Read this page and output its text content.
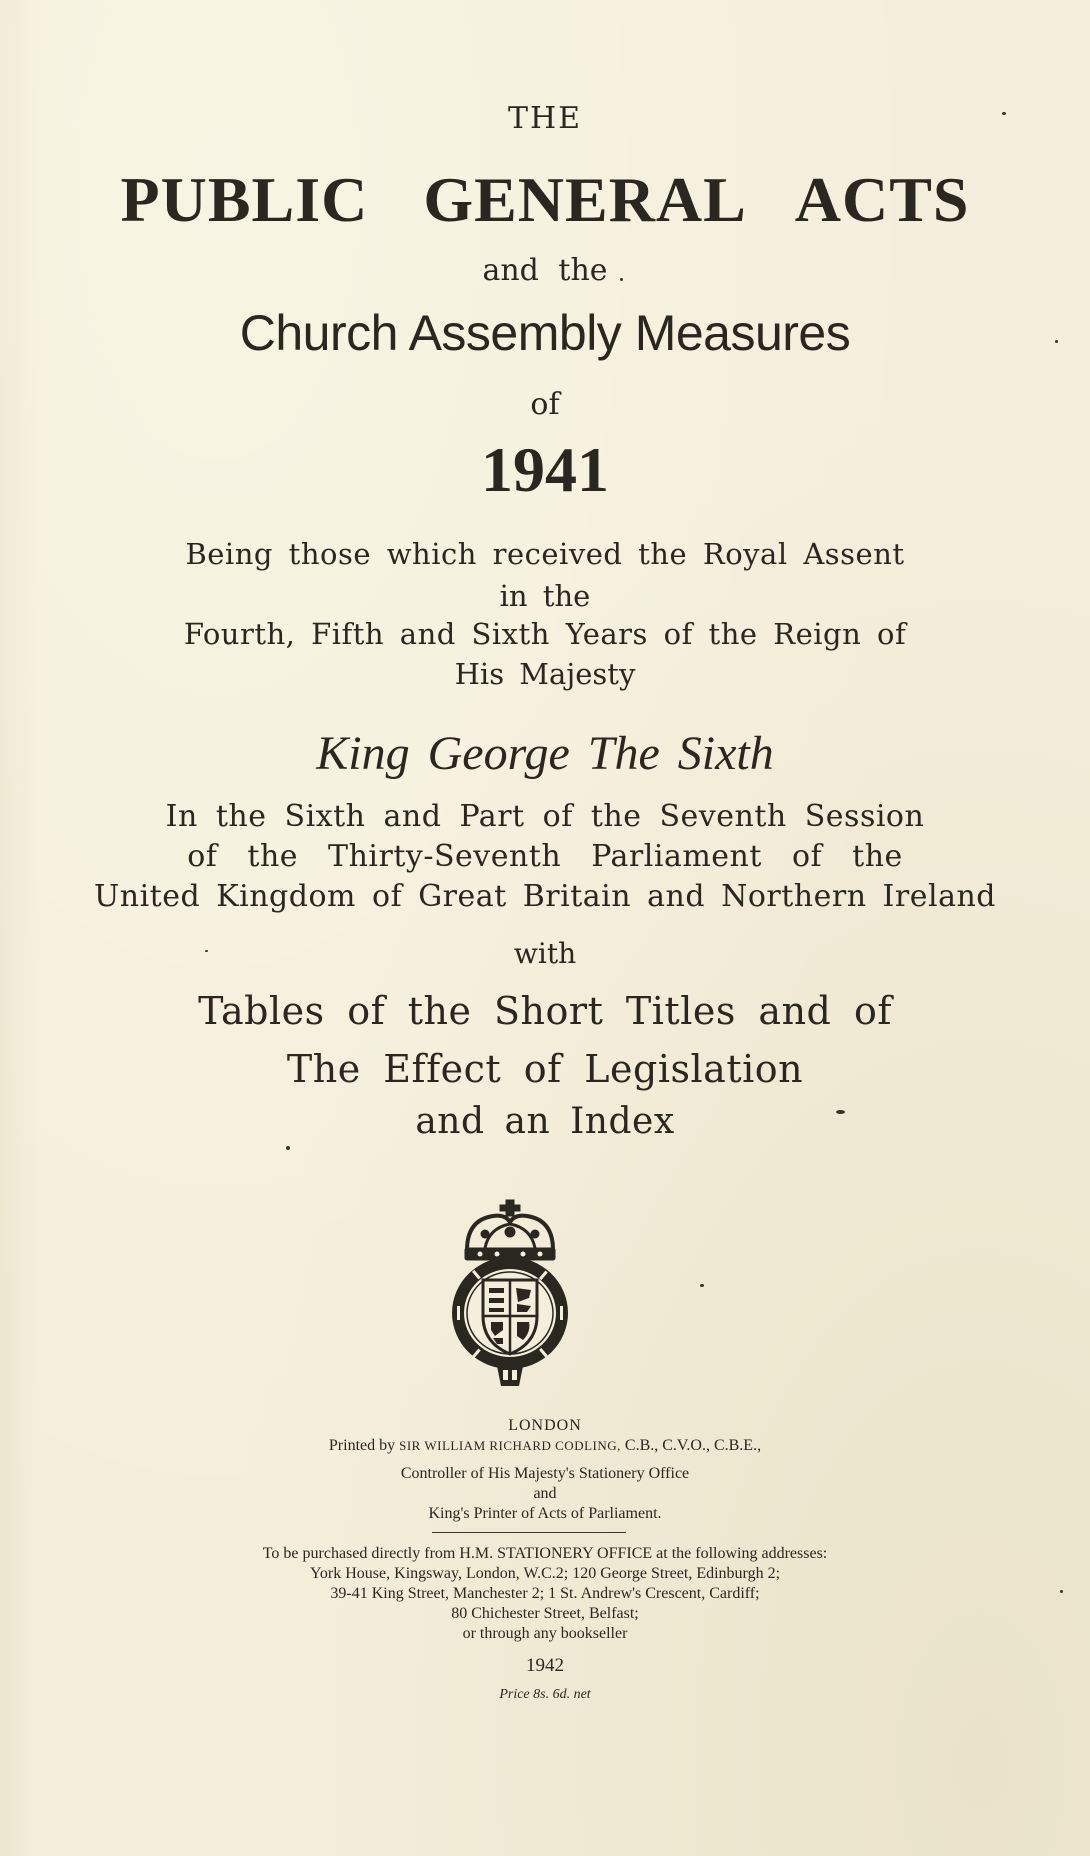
THE
PUBLIC GENERAL ACTS
and the
Church Assembly Measures
of
1941
Being those which received the Royal Assent
in the
Fourth, Fifth and Sixth Years of the Reign of
His Majesty
King George The Sixth
In the Sixth and Part of the Seventh Session
of the Thirty-Seventh Parliament of the
United Kingdom of Great Britain and Northern Ireland
with
Tables of the Short Titles and of
The Effect of Legislation
and an Index
LONDON
Printed by SIR WILLIAM RICHARD CODLING, C.B., C.V.O., C.B.E.,
Controller of His Majesty's Stationery Office
and
King's Printer of Acts of Parliament.
To be purchased directly from H.M. STATIONERY OFFICE at the following addresses:
York House, Kingsway, London, W.C.2; 120 George Street, Edinburgh 2;
39-41 King Street, Manchester 2; 1 St. Andrew's Crescent, Cardiff;
80 Chichester Street, Belfast;
or through any bookseller
1942
Price 8s. 6d. net
